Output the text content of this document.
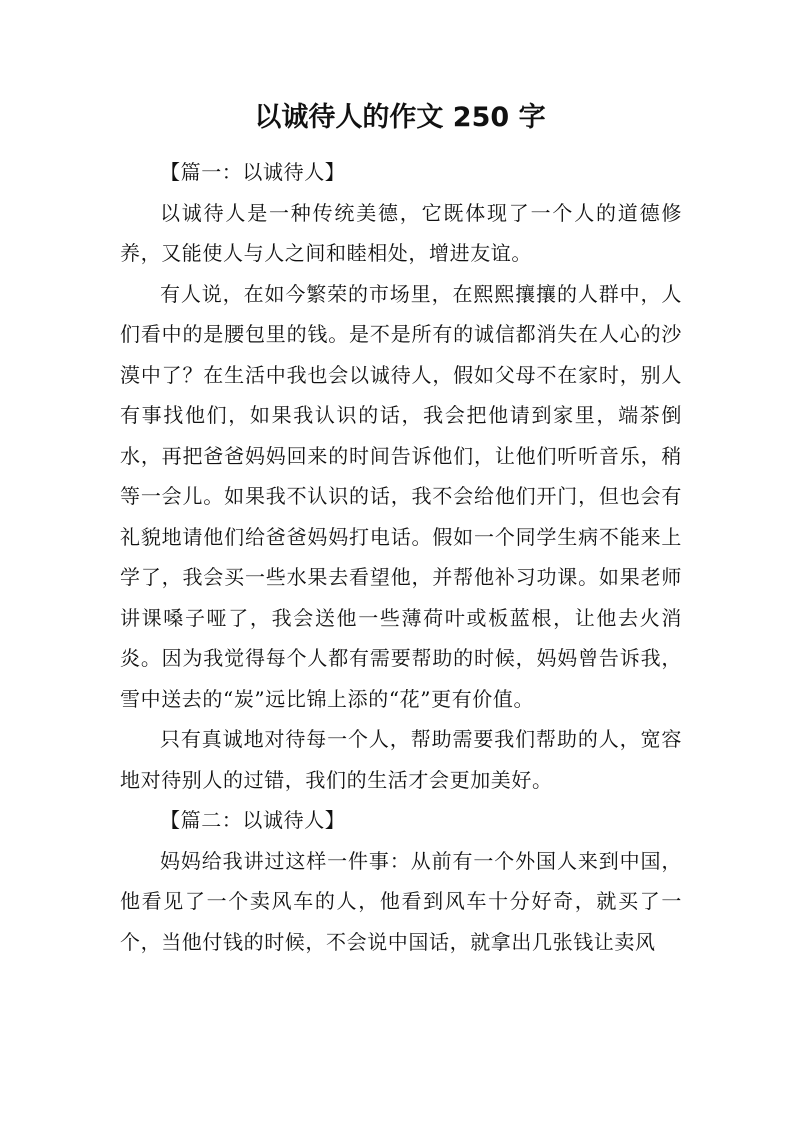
以诚待人的作文 250 字

【篇一：以诚待人】

以诚待人是一种传统美德，它既体现了一个人的道德修养，又能使人与人之间和睦相处，增进友谊。

有人说，在如今繁荣的市场里，在熙熙攘攘的人群中，人们看中的是腰包里的钱。是不是所有的诚信都消失在人心的沙漠中了？在生活中我也会以诚待人，假如父母不在家时，别人有事找他们，如果我认识的话，我会把他请到家里，端茶倒水，再把爸爸妈妈回来的时间告诉他们，让他们听听音乐，稍等一会儿。如果我不认识的话，我不会给他们开门，但也会有礼貌地请他们给爸爸妈妈打电话。假如一个同学生病不能来上学了，我会买一些水果去看望他，并帮他补习功课。如果老师讲课嗓子哑了，我会送他一些薄荷叶或板蓝根，让他去火消炎。因为我觉得每个人都有需要帮助的时候，妈妈曾告诉我，雪中送去的“炭”远比锦上添的“花”更有价值。

只有真诚地对待每一个人，帮助需要我们帮助的人，宽容地对待别人的过错，我们的生活才会更加美好。

【篇二：以诚待人】

妈妈给我讲过这样一件事：从前有一个外国人来到中国，他看见了一个卖风车的人，他看到风车十分好奇，就买了一个，当他付钱的时候，不会说中国话，就拿出几张钱让卖风
